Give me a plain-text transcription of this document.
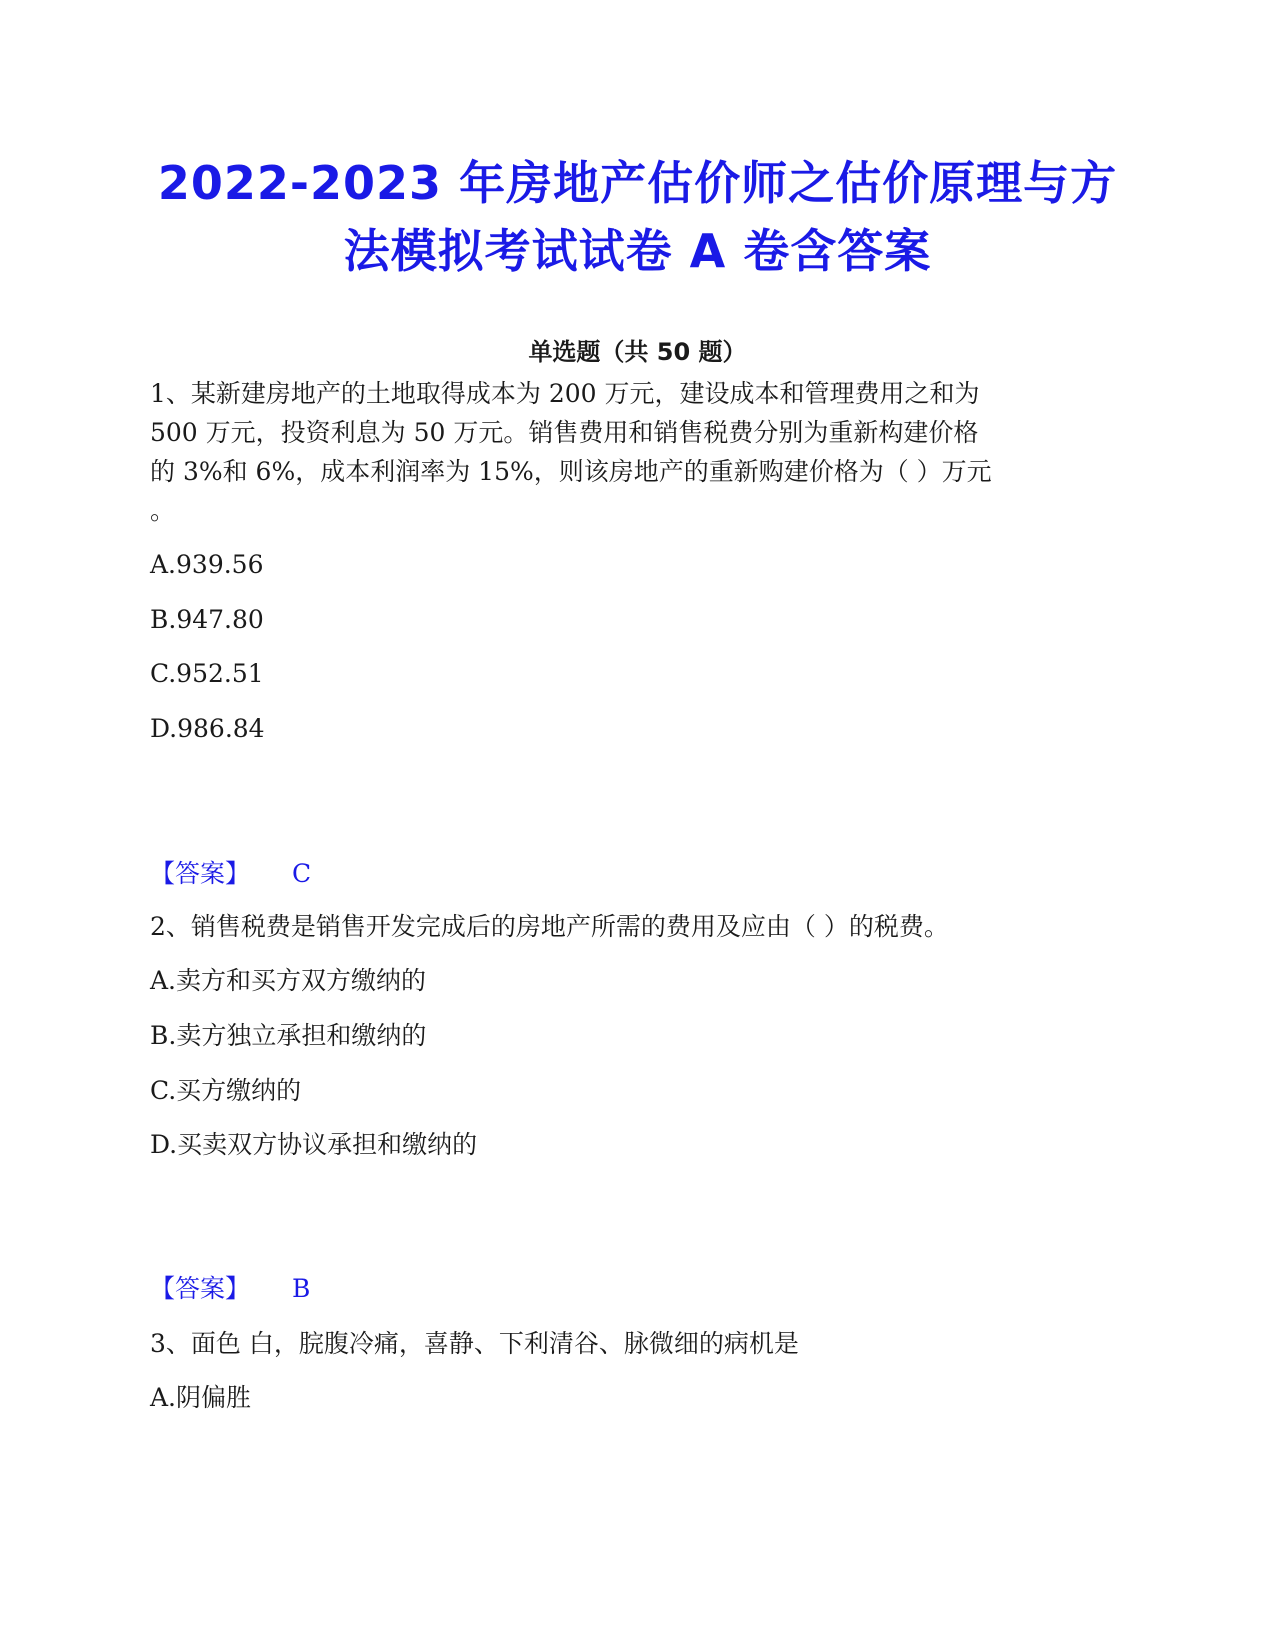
2022-2023 年房地产估价师之估价原理与方
法模拟考试试卷 A 卷含答案
单选题（共 50 题）
1、某新建房地产的土地取得成本为 200 万元，建设成本和管理费用之和为
500 万元，投资利息为 50 万元。销售费用和销售税费分别为重新构建价格
的 3%和 6%，成本利润率为 15%，则该房地产的重新购建价格为（ ）万元
。
A.939.56
B.947.80
C.952.51
D.986.84
【答案】 C
2、销售税费是销售开发完成后的房地产所需的费用及应由（ ）的税费。
A.卖方和买方双方缴纳的
B.卖方独立承担和缴纳的
C.买方缴纳的
D.买卖双方协议承担和缴纳的
【答案】 B
3、面色 白，脘腹冷痛，喜静、下利清谷、脉微细的病机是
A.阴偏胜
